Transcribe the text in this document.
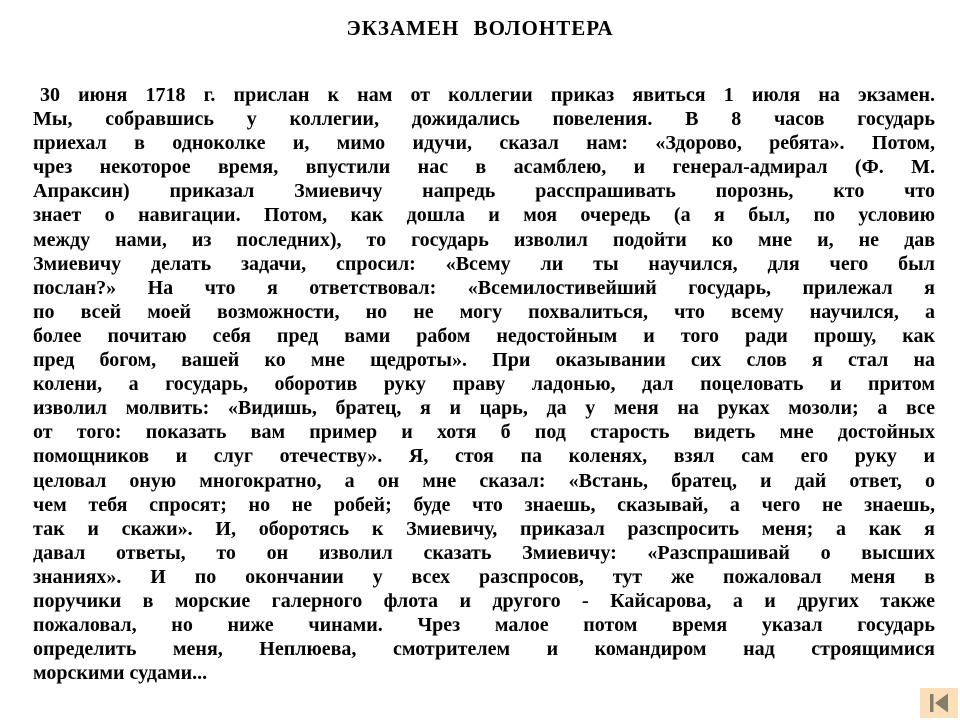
ЭКЗАМЕН ВОЛОНТЕРА
30 июня 1718 г. прислан к нам от коллегии приказ явиться 1 июля на экзамен.
Мы, собравшись у коллегии, дожидались повеления. В 8 часов государь
приехал в одноколке и, мимо идучи, сказал нам: «Здорово, ребята». Потом,
чрез некоторое время, впустили нас в асамблею, и генерал-адмирал (Ф. М.
Апраксин) приказал Змиевичу напредь расспрашивать порознь, кто что
знает о навигации. Потом, как дошла и моя очередь (а я был, по условию
между нами, из последних), то государь изволил подойти ко мне и, не дав
Змиевичу делать задачи, спросил: «Всему ли ты научился, для чего был
послан?» На что я ответствовал: «Всемилостивейший государь, прилежал я
по всей моей возможности, но не могу похвалиться, что всему научился, а
более почитаю себя пред вами рабом недостойным и того ради прошу, как
пред богом, вашей ко мне щедроты». При оказывании сих слов я стал на
колени, а государь, оборотив руку праву ладонью, дал поцеловать и притом
изволил молвить: «Видишь, братец, я и царь, да у меня на руках мозоли; а все
от того: показать вам пример и хотя б под старость видеть мне достойных
помощников и слуг отечеству». Я, стоя па коленях, взял сам его руку и
целовал оную многократно, а он мне сказал: «Встань, братец, и дай ответ, о
чем тебя спросят; но не робей; буде что знаешь, сказывай, а чего не знаешь,
так и скажи». И, оборотясь к Змиевичу, приказал разспросить меня; а как я
давал ответы, то он изволил сказать Змиевичу: «Разспрашивай о высших
знаниях». И по окончании у всех разспросов, тут же пожаловал меня в
поручики в морские галерного флота и другого - Кайсарова, а и других также
пожаловал, но ниже чинами. Чрез малое потом время указал государь
определить меня, Неплюева, смотрителем и командиром над строящимися
морскими судами...
